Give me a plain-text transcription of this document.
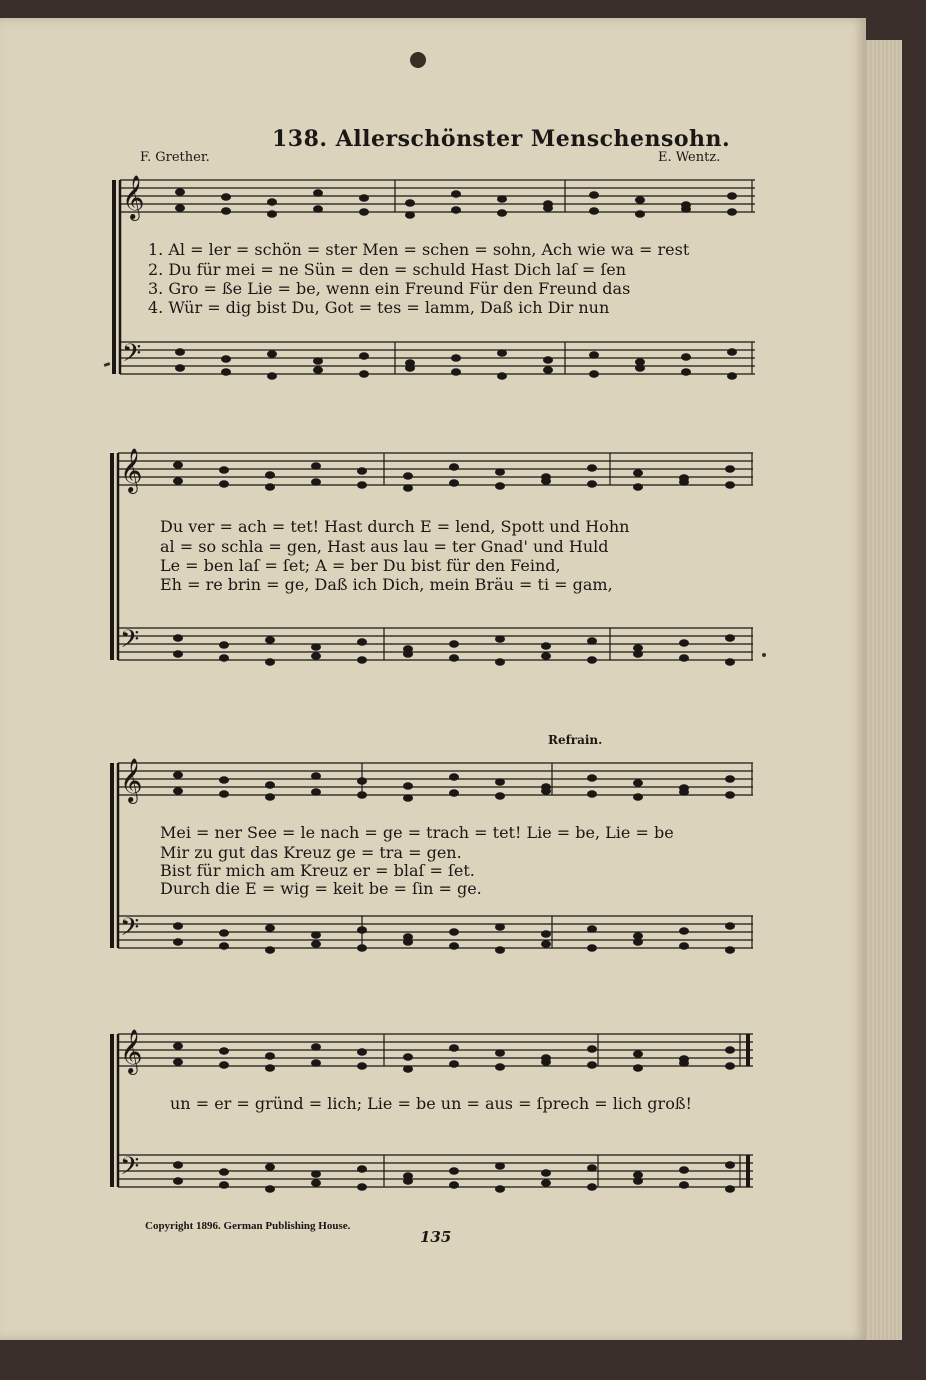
𝄞
𝄢
𝄞
𝄢
𝄞
𝄢
𝄞
𝄢
138. Allerschönster Menschensohn.
F. Grether.	E. Wentz.
1. Al = ler = schön = ster Men = schen = sohn, Ach wie wa = rest
2. Du für mei = ne Sün = den = schuld Hast Dich laſ = ſen
3. Gro = ße Lie = be, wenn ein Freund Für den Freund das
4. Wür = dig bist Du, Got = tes = lamm, Daß ich Dir nun
Du ver = ach = tet! Hast durch E = lend, Spott und Hohn
al = so schla = gen, Hast aus lau = ter Gnad' und Huld
Le = ben laſ = ſet; A = ber Du bist für den Feind,
Eh = re brin = ge, Daß ich Dich, mein Bräu = ti = gam,
Refrain.
Mei = ner See = le nach = ge = trach = tet! Lie = be, Lie = be
Mir zu gut das Kreuz ge = tra = gen.
Bist für mich am Kreuz er = blaſ = ſet.
Durch die E = wig = keit be = ſin = ge.
un = er = gründ = lich; Lie = be un = aus = ſprech = lich groß!
Copyright 1896. German Publishing House.
135
